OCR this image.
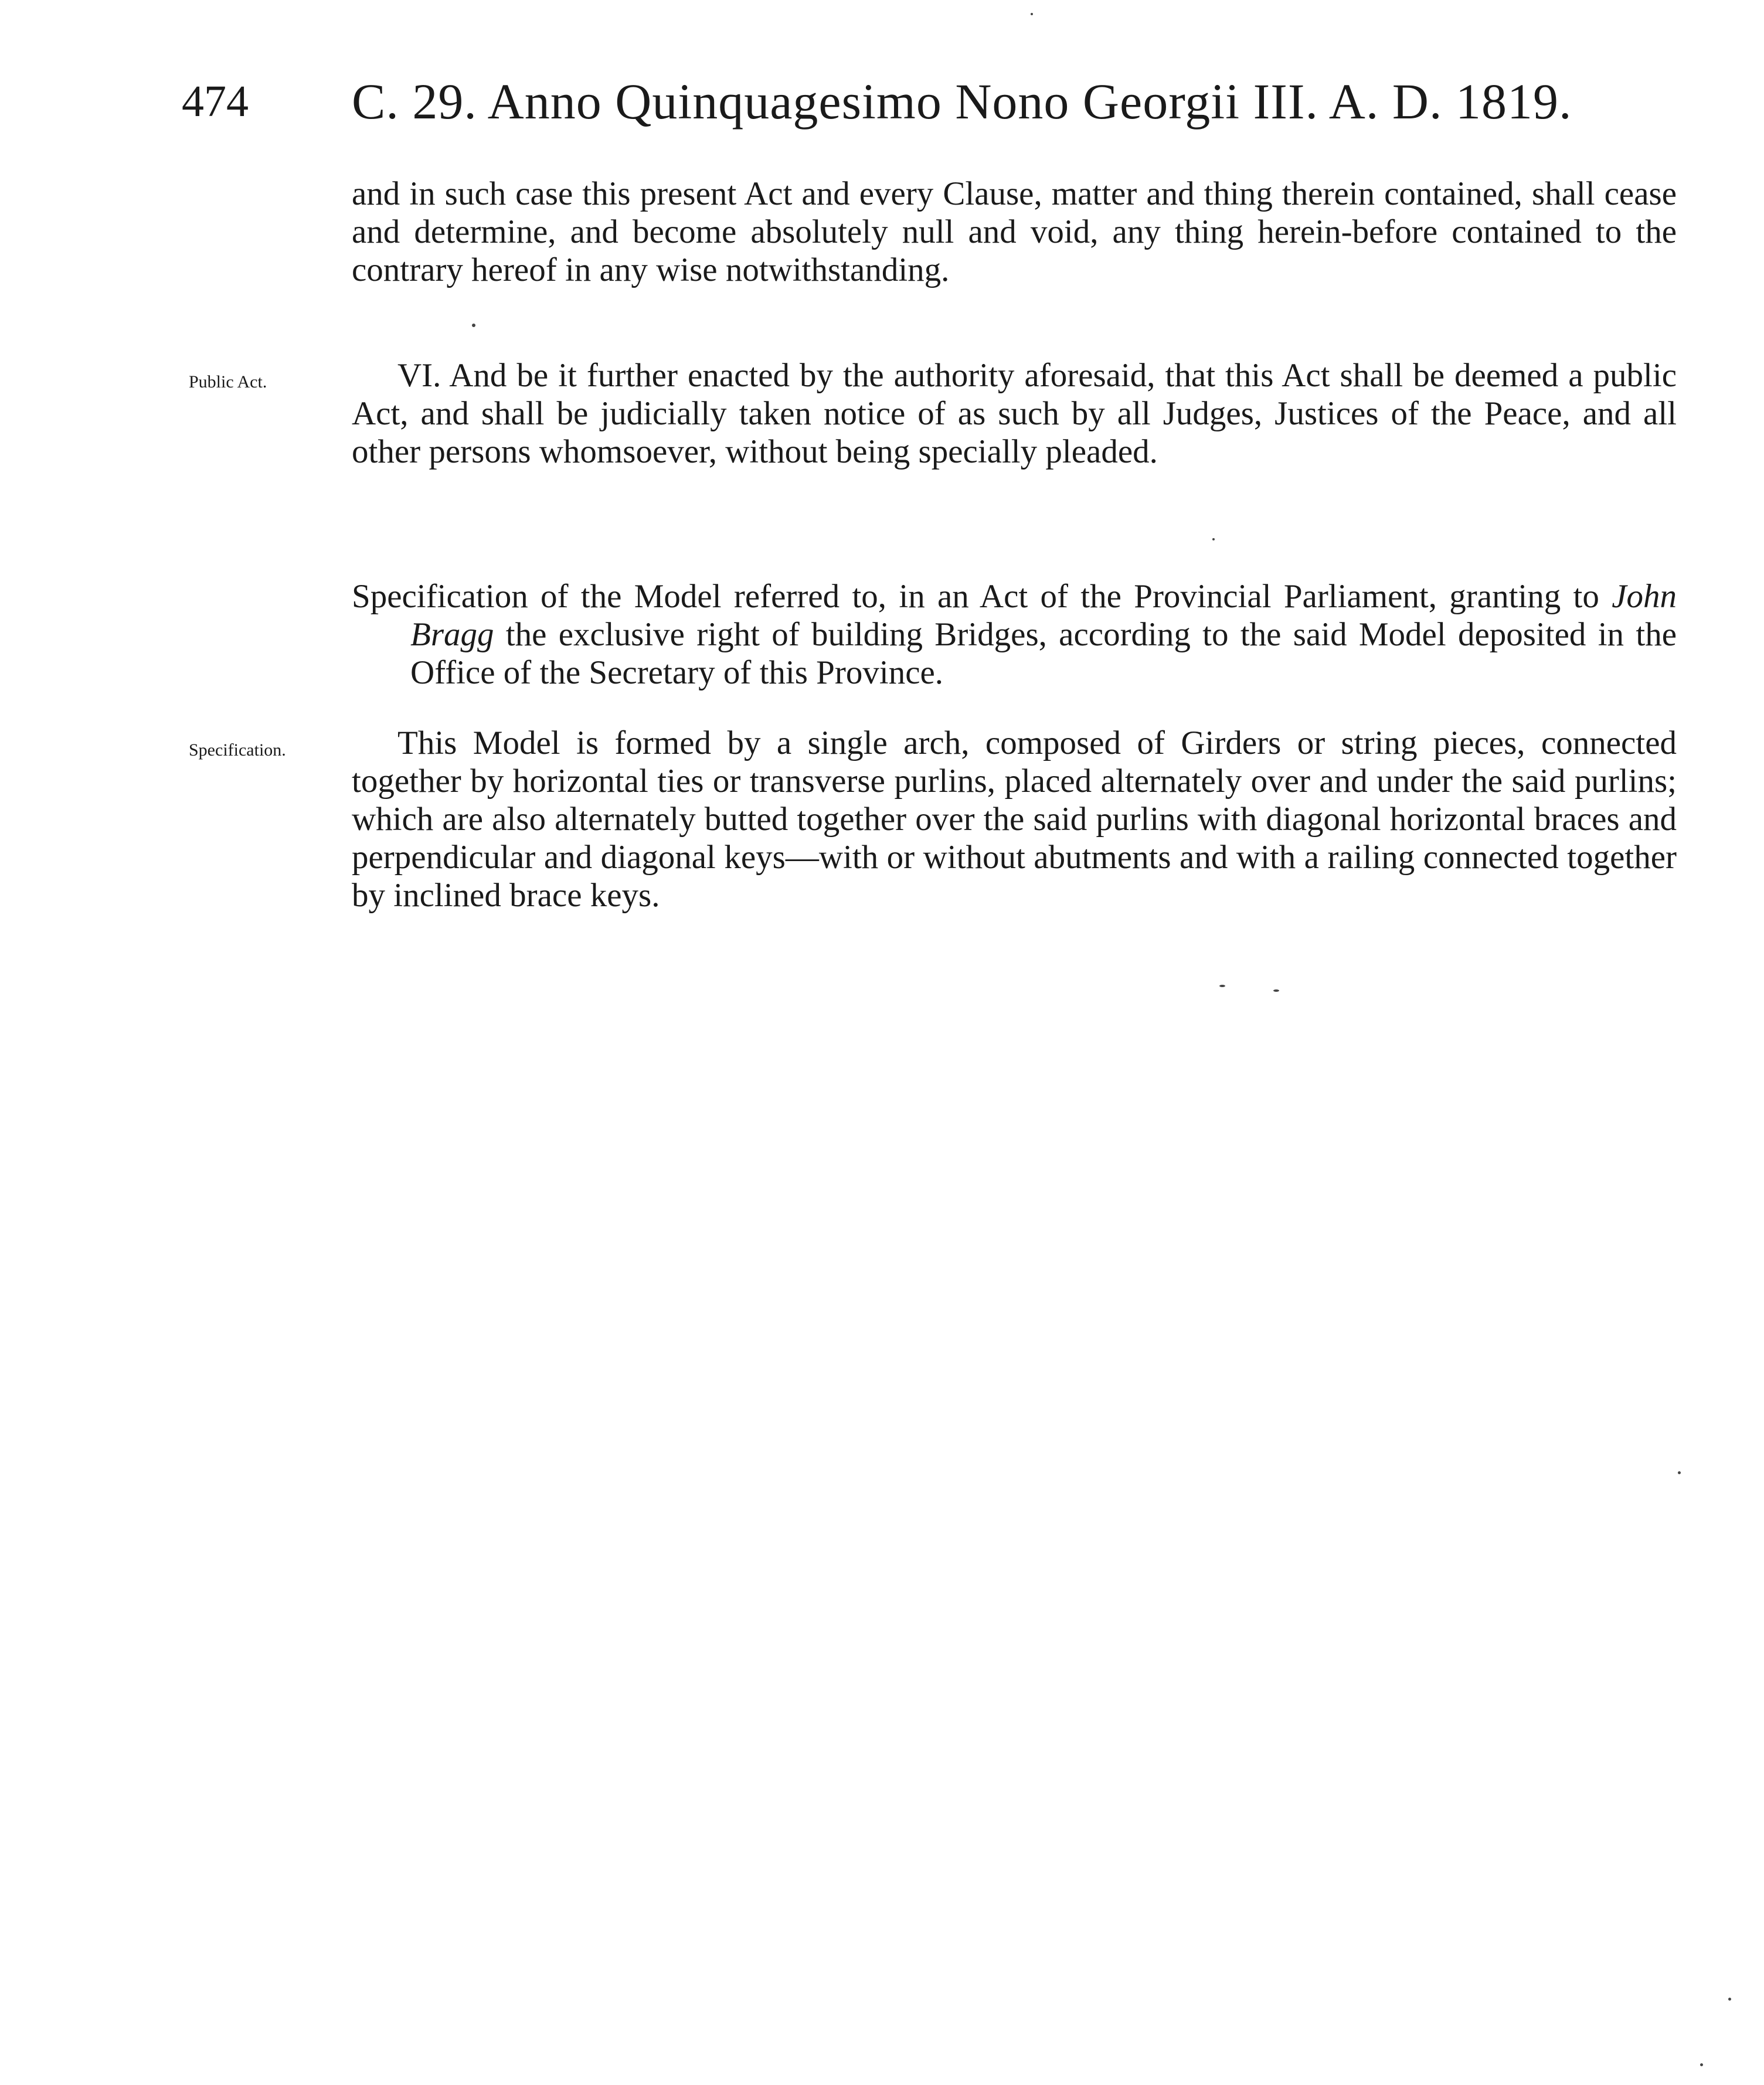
474 C. 29. Anno Quinquagesimo Nono Georgii III. A. D. 1819.

and in such case this present Act and every Clause, matter and thing therein contained, shall cease and determine, and become absolutely null and void, any thing herein-before contained to the contrary hereof in any wise notwithstanding.

Public Act.	VI. And be it further enacted by the authority aforesaid, that this Act shall be deemed a public Act, and shall be judicially taken notice of as such by all Judges, Justices of the Peace, and all other persons whomsoever, without being specially pleaded.

Specification of the Model referred to, in an Act of the Provincial Parliament, granting to John Bragg the exclusive right of building Bridges, according to the said Model deposited in the Office of the Secretary of this Province.

Specification.	This Model is formed by a single arch, composed of Girders or string pieces, connected together by horizontal ties or transverse purlins, placed alternately over and under the said purlins; which are also alternately butted together over the said purlins with diagonal horizontal braces and perpendicular and diagonal keys—with or without abutments and with a railing connected together by inclined brace keys.
